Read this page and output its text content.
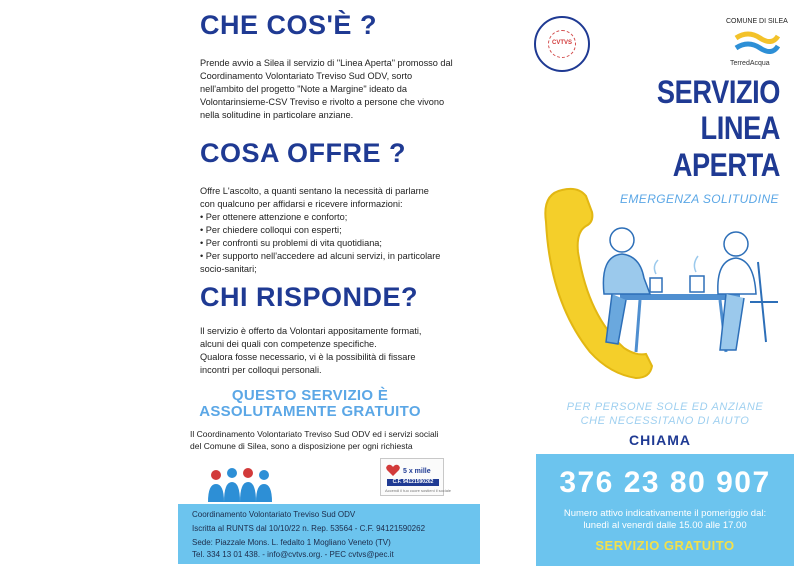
CHE COS'È ?
Prende avvio a Silea il servizio di "Linea Aperta" promosso dal
Coordinamento Volontariato Treviso Sud ODV, sorto
nell'ambito del progetto "Note a Margine" ideato da
Volontarinsieme-CSV Treviso e rivolto a persone che vivono
nella solitudine in particolare anziane.
COSA OFFRE ?
Offre L'ascolto, a quanti sentano la necessità di parlarne
con qualcuno per affidarsi e ricevere informazioni:
• Per ottenere attenzione e conforto;
• Per chiedere colloqui con esperti;
• Per confronti su problemi di vita quotidiana;
• Per supporto nell'accedere ad alcuni servizi, in particolare
socio-sanitari;
CHI RISPONDE?
Il servizio è offerto da Volontari appositamente formati,
alcuni dei quali con competenze specifiche.
Qualora fosse necessario, vi è la possibilità di fissare
incontri per colloqui personali.
QUESTO SERVIZIO È
ASSOLUTAMENTE GRATUITO
Il Coordinamento Volontariato Treviso Sud ODV ed i servizi sociali
del Comune di Silea, sono a disposizione per ogni richiesta
5 x mille
C.F. 94121590262
Accendi il tuo cuore sostieni il sociale
Coordinamento Volontariato Treviso Sud ODV
Iscritta al RUNTS dal 10/10/22 n. Rep. 53564 - C.F. 94121590262
Sede: Piazzale Mons. L. fedalto 1 Mogliano Veneto (TV)
Tel. 334 13 01 438. - info@cvtvs.org. - PEC cvtvs@pec.it
CVTVS
COMUNE DI SILEA
TerredAcqua
SERVIZIO
LINEA APERTA
EMERGENZA SOLITUDINE
PER PERSONE SOLE ED ANZIANE
CHE NECESSITANO DI AIUTO
CHIAMA
376 23 80 907
Numero attivo indicativamente il pomeriggio dal:
lunedì al venerdì dalle 15.00 alle 17.00
SERVIZIO GRATUITO
